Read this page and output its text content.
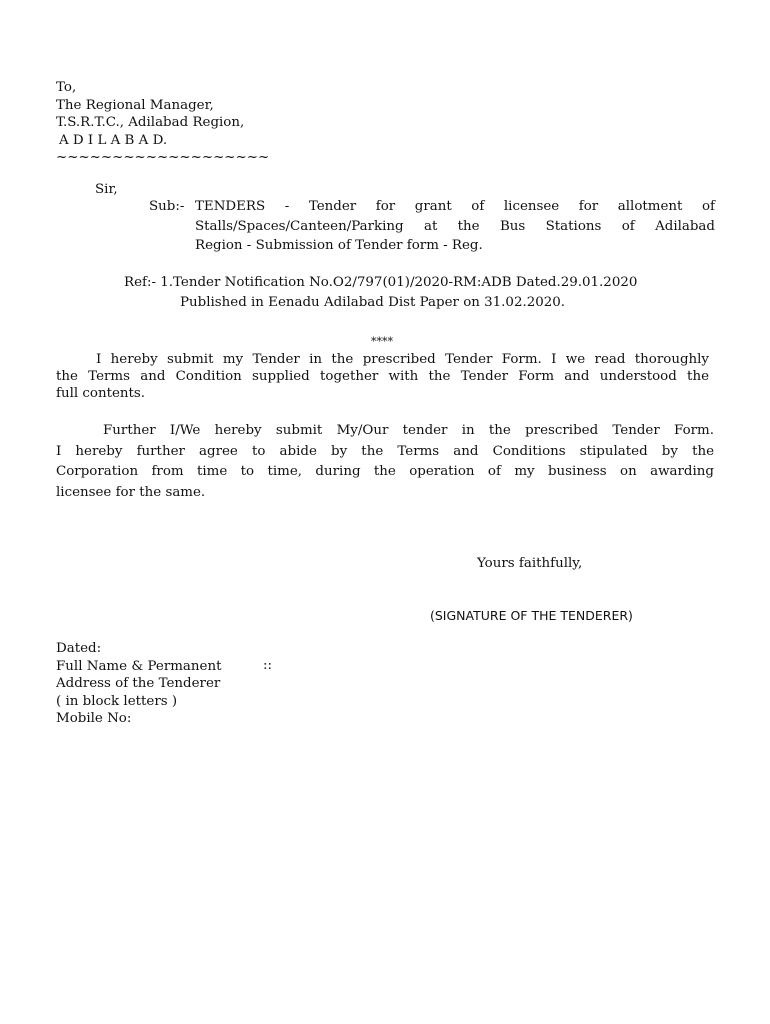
To,
The Regional Manager,
T.S.R.T.C., Adilabad Region,
A D I L A B A D.
~~~~~~~~~~~~~~~~~~~
Sir,
Sub:- TENDERS - Tender for grant of licensee for allotment of
Stalls/Spaces/Canteen/Parking at the Bus Stations of Adilabad
Region - Submission of Tender form - Reg.
Ref:- 1.Tender Notification No.O2/797(01)/2020-RM:ADB Dated.29.01.2020
Published in Eenadu Adilabad Dist Paper on 31.02.2020.
****
I hereby submit my Tender in the prescribed Tender Form. I we read thoroughly
the Terms and Condition supplied together with the Tender Form and understood the
full contents.
Further I/We hereby submit My/Our tender in the prescribed Tender Form.
I hereby further agree to abide by the Terms and Conditions stipulated by the
Corporation from time to time, during the operation of my business on awarding
licensee for the same.
Yours faithfully,
(SIGNATURE OF THE TENDERER)
Dated:
Full Name & Permanent
Address of the Tenderer
( in block letters )
Mobile No:
::
